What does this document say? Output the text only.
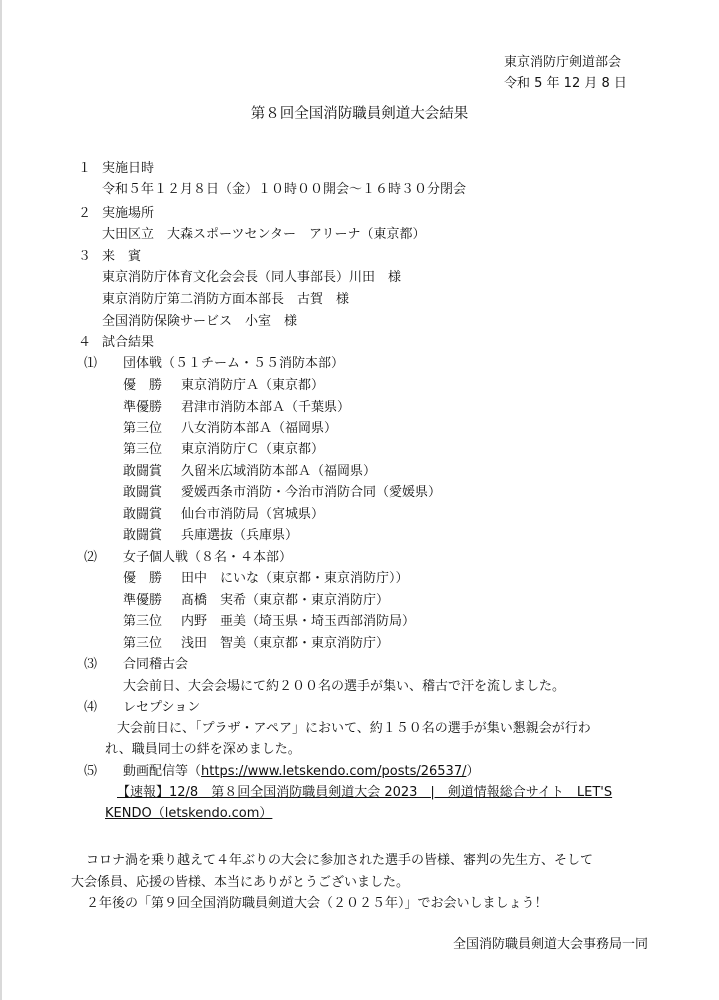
東京消防庁剣道部会
令和 5 年 12 月 8 日
第８回全国消防職員剣道大会結果
１ 実施日時
令和５年１２月８日（金）１０時００開会～１６時３０分閉会
２ 実施場所
大田区立　大森スポーツセンター　アリーナ（東京都）
３ 来　賓
東京消防庁体育文化会会長（同人事部長）川田　様
東京消防庁第二消防方面本部長　古賀　様
全国消防保険サービス　小室　様
４ 試合結果
⑴ 団体戦（５１チーム・５５消防本部）
優　勝 東京消防庁Ａ（東京都）
準優勝 君津市消防本部Ａ（千葉県）
第三位 八女消防本部Ａ（福岡県）
第三位 東京消防庁Ｃ（東京都）
敢闘賞 久留米広域消防本部Ａ（福岡県）
敢闘賞 愛媛西条市消防・今治市消防合同（愛媛県）
敢闘賞 仙台市消防局（宮城県）
敢闘賞 兵庫選抜（兵庫県）
⑵ 女子個人戦（８名・４本部）
優　勝 田中　にいな（東京都・東京消防庁））
準優勝 髙橋　実希（東京都・東京消防庁）
第三位 内野　亜美（埼玉県・埼玉西部消防局）
第三位 浅田　智美（東京都・東京消防庁）
⑶ 合同稽古会
大会前日、大会会場にて約２００名の選手が集い、稽古で汗を流しました。
⑷ レセプション
大会前日に、「プラザ・アペア」において、約１５０名の選手が集い懇親会が行わ
れ、職員同士の絆を深めました。
⑸ 動画配信等（https://www.letskendo.com/posts/26537/）
【速報】12/8　第８回全国消防職員剣道大会 2023　|　剣道情報総合サイト　LET'S
KENDO（letskendo.com）
コロナ渦を乗り越えて４年ぶりの大会に参加された選手の皆様、審判の先生方、そして
大会係員、応援の皆様、本当にありがとうございました。
２年後の「第９回全国消防職員剣道大会（２０２５年）」でお会いしましょう！
全国消防職員剣道大会事務局一同
